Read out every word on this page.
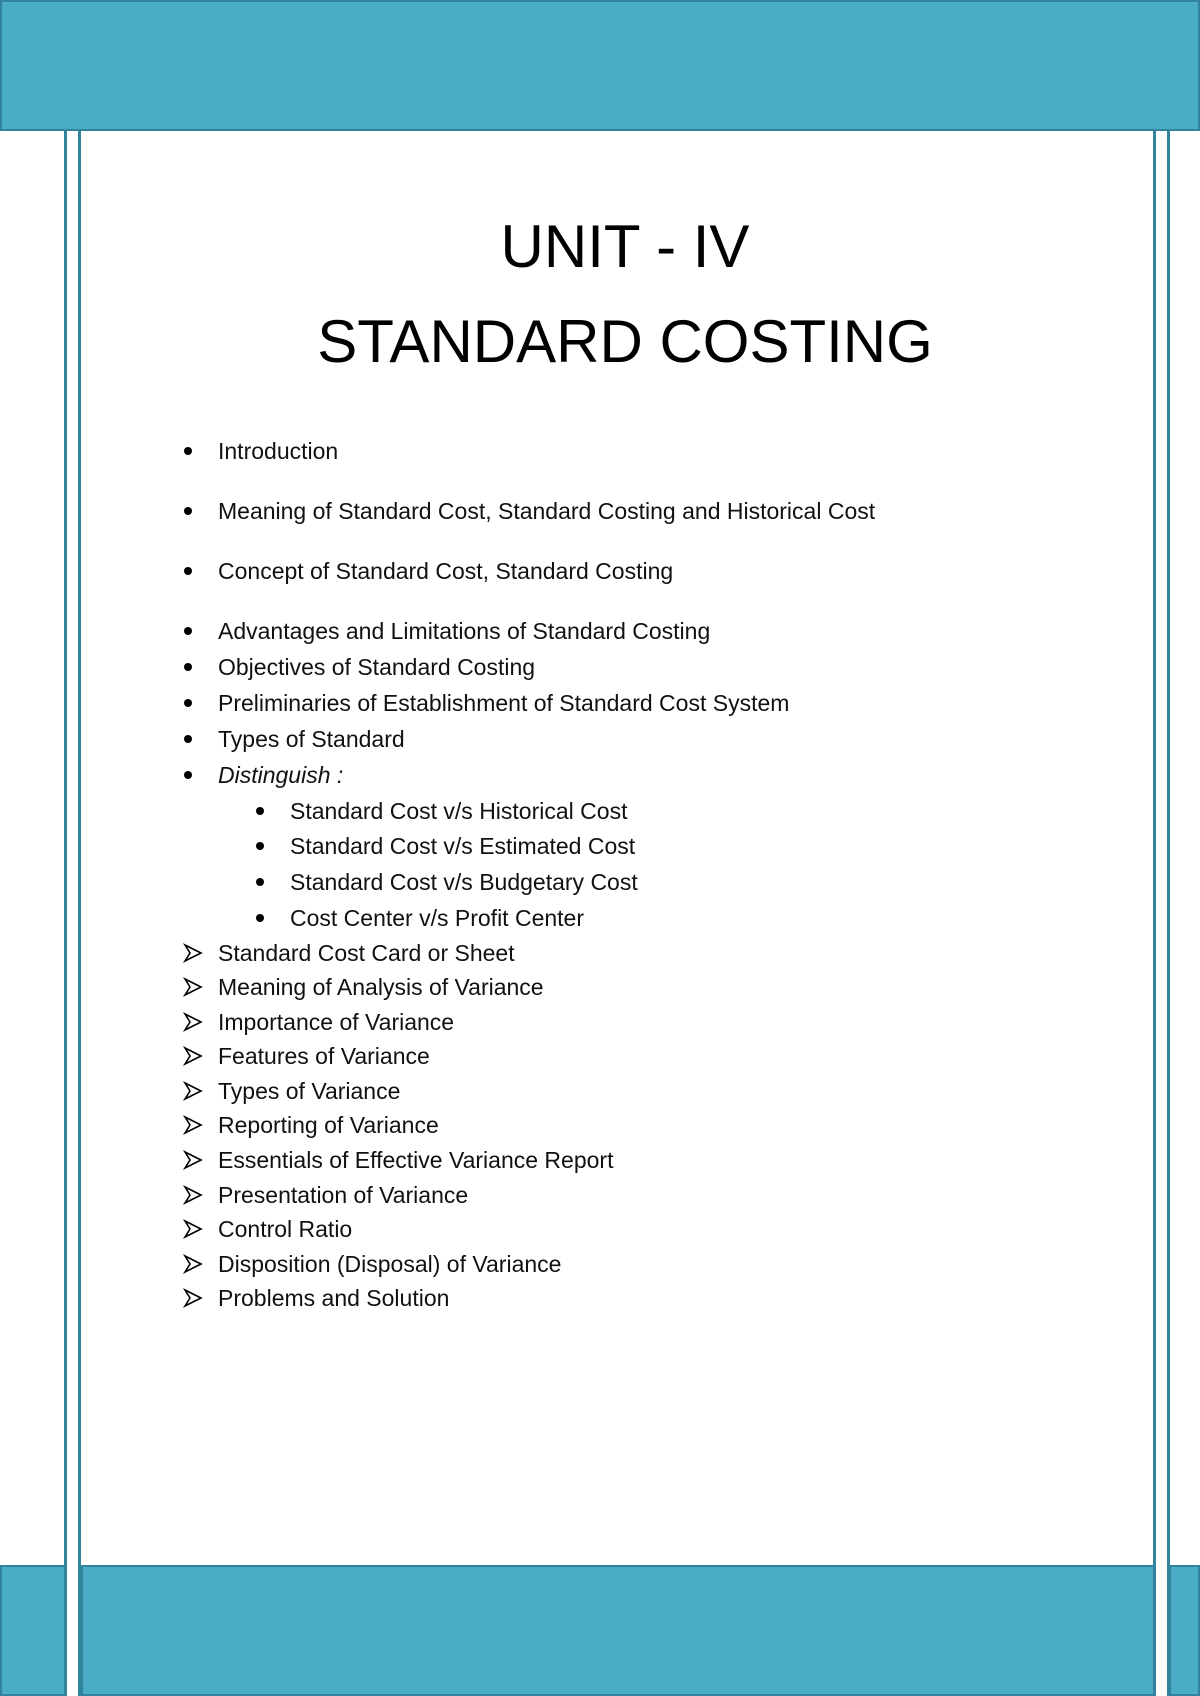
UNIT - IV
STANDARD COSTING
Introduction
Meaning of Standard Cost, Standard Costing and Historical Cost
Concept of Standard Cost, Standard Costing
Advantages and Limitations of Standard Costing
Objectives of Standard Costing
Preliminaries of Establishment of Standard Cost System
Types of Standard
Distinguish :
Standard Cost v/s Historical Cost
Standard Cost v/s Estimated Cost
Standard Cost v/s Budgetary Cost
Cost Center v/s Profit Center
Standard Cost Card or Sheet
Meaning of Analysis of Variance
Importance of Variance
Features of Variance
Types of Variance
Reporting of Variance
Essentials of Effective Variance Report
Presentation of Variance
Control Ratio
Disposition (Disposal) of Variance
Problems and Solution
